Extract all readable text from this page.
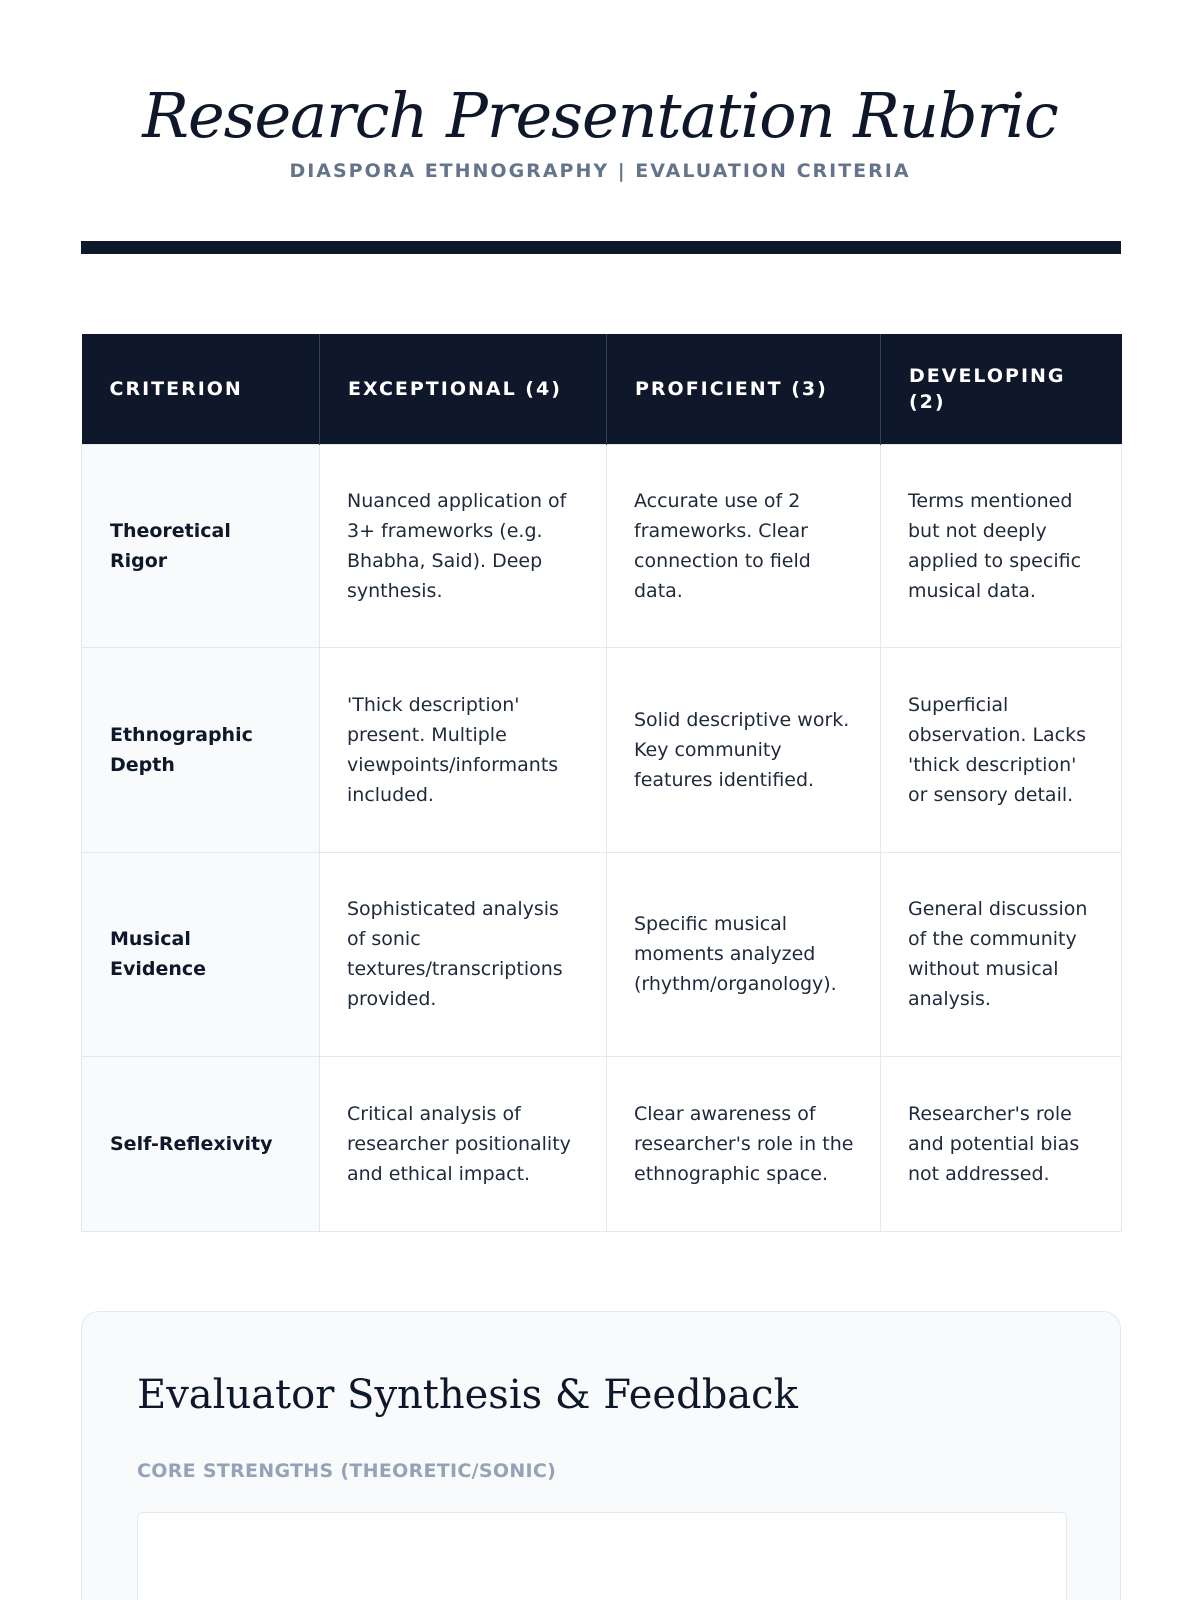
Research Presentation Rubric
DIASPORA ETHNOGRAPHY | EVALUATION CRITERIA
CRITERION	EXCEPTIONAL (4)	PROFICIENT (3)	DEVELOPING (2)
Theoretical Rigor	Nuanced application of 3+ frameworks (e.g. Bhabha, Said). Deep synthesis.	Accurate use of 2 frameworks. Clear connection to field data.	Terms mentioned but not deeply applied to specific musical data.
Ethnographic Depth	'Thick description' present. Multiple viewpoints/informants included.	Solid descriptive work. Key community features identified.	Superficial observation. Lacks 'thick description' or sensory detail.
Musical Evidence	Sophisticated analysis of sonic textures/transcriptions provided.	Specific musical moments analyzed (rhythm/organology).	General discussion of the community without musical analysis.
Self-Reflexivity	Critical analysis of researcher positionality and ethical impact.	Clear awareness of researcher's role in the ethnographic space.	Researcher's role and potential bias not addressed.
Evaluator Synthesis & Feedback
CORE STRENGTHS (THEORETIC/SONIC)
